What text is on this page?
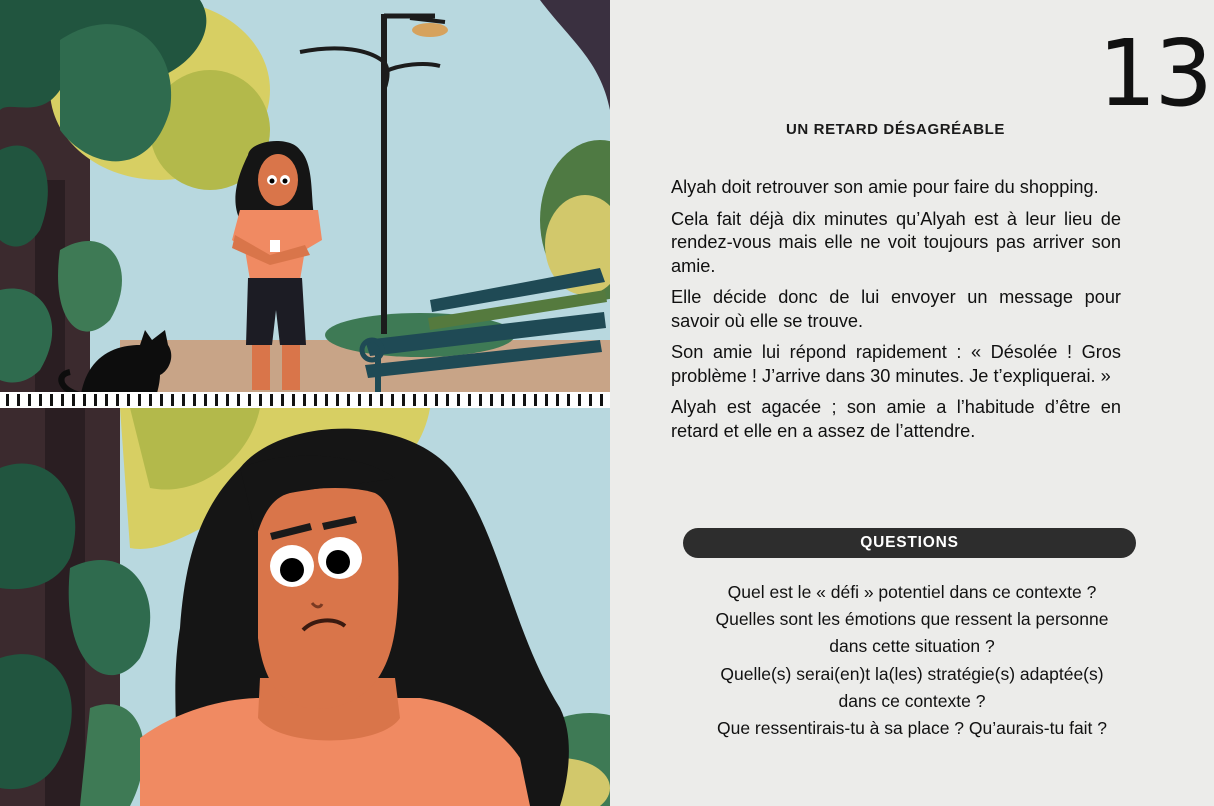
13
UN RETARD DÉSAGRÉABLE

Alyah doit retrouver son amie pour faire du shopping.

Cela fait déjà dix minutes qu’Alyah est à leur lieu de rendez-vous mais elle ne voit toujours pas arriver son amie.

Elle décide donc de lui envoyer un message pour savoir où elle se trouve.

Son amie lui répond rapidement : « Désolée ! Gros problème ! J’arrive dans 30 minutes. Je t’expliquerai. »

Alyah est agacée ; son amie a l’habitude d’être en retard et elle en a assez de l’attendre.

QUESTIONS
Quel est le « défi » potentiel dans ce contexte ?
Quelles sont les émotions que ressent la personne
dans cette situation ?
Quelle(s) serai(en)t la(les) stratégie(s) adaptée(s)
dans ce contexte ?
Que ressentirais-tu à sa place ? Qu’aurais-tu fait ?
